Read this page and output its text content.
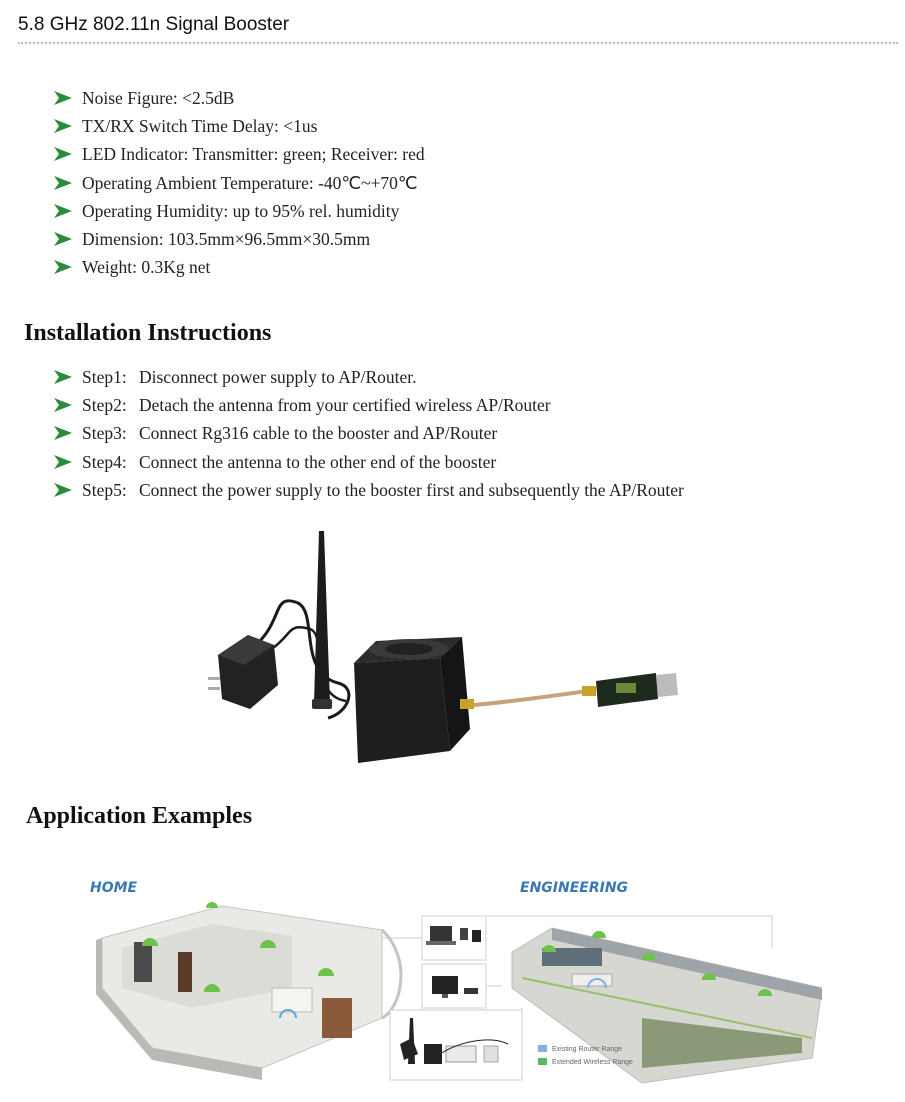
5.8 GHz 802.11n Signal Booster
Noise Figure: <2.5dB
TX/RX Switch Time Delay: <1us
LED Indicator: Transmitter: green; Receiver: red
Operating Ambient Temperature: -40℃~+70℃
Operating Humidity: up to 95% rel. humidity
Dimension: 103.5mm×96.5mm×30.5mm
Weight: 0.3Kg net
Installation Instructions
Step1: Disconnect power supply to AP/Router.
Step2: Detach the antenna from your certified wireless AP/Router
Step3: Connect Rg316 cable to the booster and AP/Router
Step4: Connect the antenna to the other end of the booster
Step5: Connect the power supply to the booster first and subsequently the AP/Router
Application Examples
HOME	ENGINEERING
Existing Router Range
Extended Wireless Range
